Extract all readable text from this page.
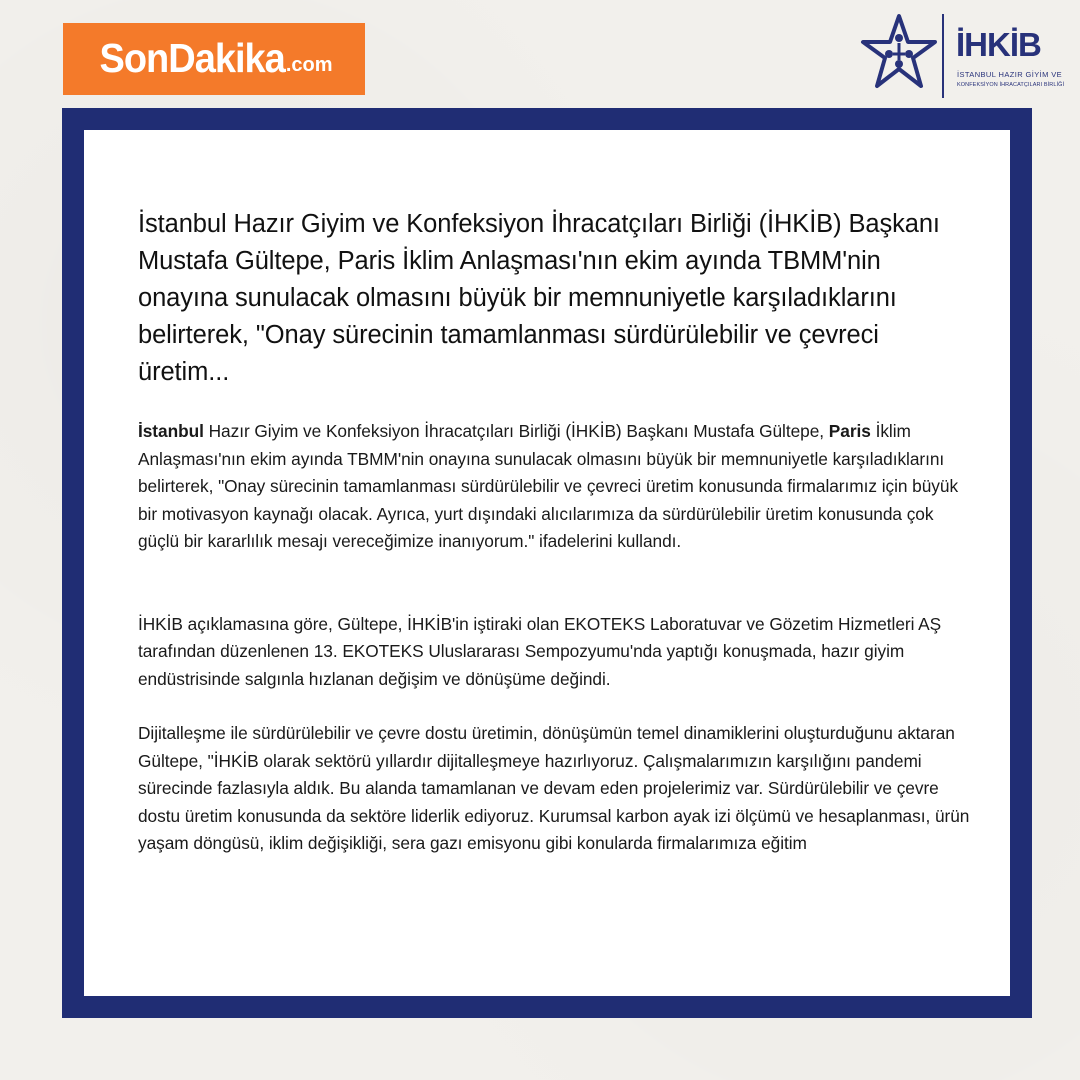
SonDakika .com
İHKİB
İSTANBUL HAZIR GİYİM VE
KONFEKSİYON İHRACATÇILARI BİRLİĞİ
İstanbul Hazır Giyim ve Konfeksiyon İhracatçıları Birliği (İHKİB) Başkanı Mustafa Gültepe, Paris İklim Anlaşması'nın ekim ayında TBMM'nin onayına sunulacak olmasını büyük bir memnuniyetle karşıladıklarını belirterek, "Onay sürecinin tamamlanması sürdürülebilir ve çevreci üretim...

İstanbul Hazır Giyim ve Konfeksiyon İhracatçıları Birliği (İHKİB) Başkanı Mustafa Gültepe, Paris İklim Anlaşması'nın ekim ayında TBMM'nin onayına sunulacak olmasını büyük bir memnuniyetle karşıladıklarını belirterek, "Onay sürecinin tamamlanması sürdürülebilir ve çevreci üretim konusunda firmalarımız için büyük bir motivasyon kaynağı olacak. Ayrıca, yurt dışındaki alıcılarımıza da sürdürülebilir üretim konusunda çok güçlü bir kararlılık mesajı vereceğimize inanıyorum." ifadelerini kullandı.

İHKİB açıklamasına göre, Gültepe, İHKİB'in iştiraki olan EKOTEKS Laboratuvar ve Gözetim Hizmetleri AŞ tarafından düzenlenen 13. EKOTEKS Uluslararası Sempozyumu'nda yaptığı konuşmada, hazır giyim endüstrisinde salgınla hızlanan değişim ve dönüşüme değindi.

Dijitalleşme ile sürdürülebilir ve çevre dostu üretimin, dönüşümün temel dinamiklerini oluşturduğunu aktaran Gültepe, "İHKİB olarak sektörü yıllardır dijitalleşmeye hazırlıyoruz. Çalışmalarımızın karşılığını pandemi sürecinde fazlasıyla aldık. Bu alanda tamamlanan ve devam eden projelerimiz var. Sürdürülebilir ve çevre dostu üretim konusunda da sektöre liderlik ediyoruz. Kurumsal karbon ayak izi ölçümü ve hesaplanması, ürün yaşam döngüsü, iklim değişikliği, sera gazı emisyonu gibi konularda firmalarımıza eğitim
